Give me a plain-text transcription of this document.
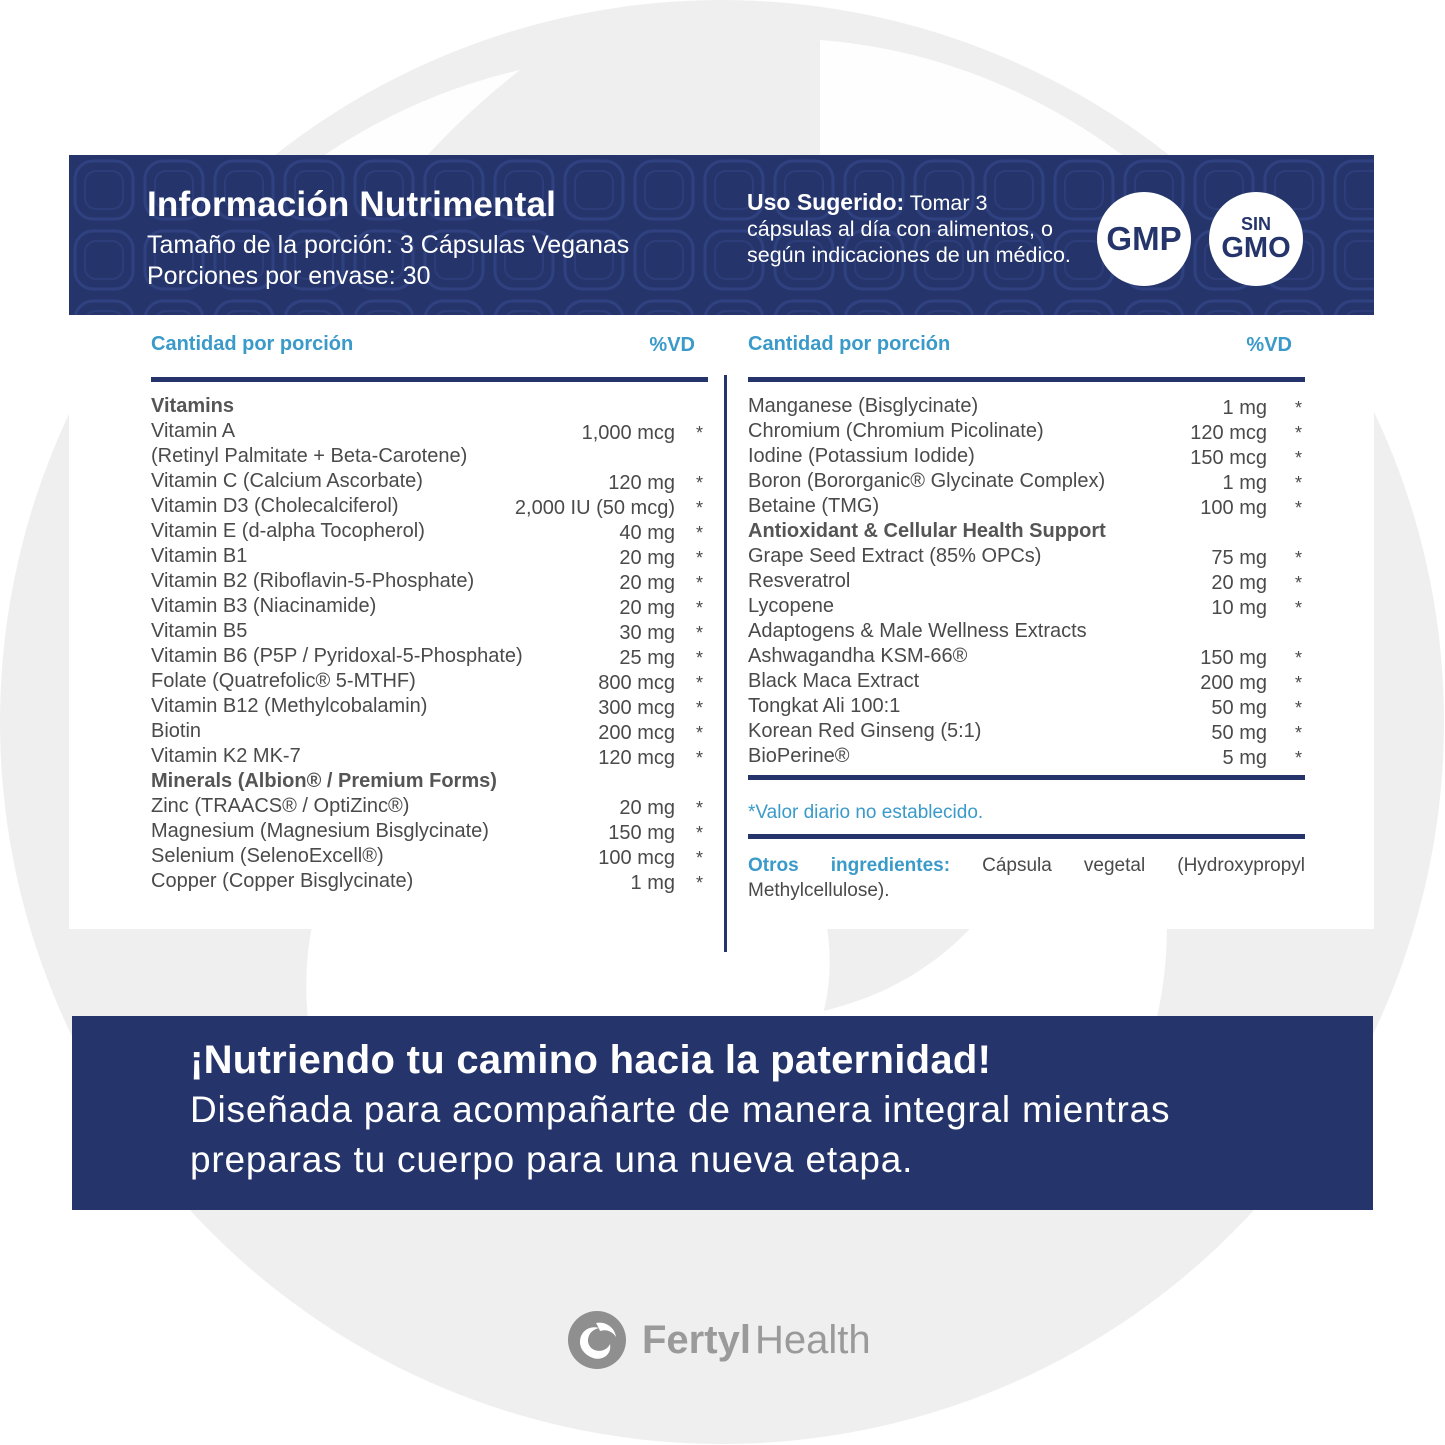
Información Nutrimental
Tamaño de la porción: 3 Cápsulas Veganas
Porciones por envase: 30
Uso Sugerido: Tomar 3 cápsulas al día con alimentos, o según indicaciones de un médico. GMP	SIN
GMO
Cantidad por porción	%VD
Vitamins
Vitamin A	1,000 mcg *
(Retinyl Palmitate + Beta-Carotene)
Vitamin C (Calcium Ascorbate)	120 mg *
Vitamin D3 (Cholecalciferol)	2,000 IU (50 mcg) *
Vitamin E (d-alpha Tocopherol)	40 mg *
Vitamin B1	20 mg *
Vitamin B2 (Riboflavin-5-Phosphate)	20 mg *
Vitamin B3 (Niacinamide)	20 mg *
Vitamin B5	30 mg *
Vitamin B6 (P5P / Pyridoxal-5-Phosphate)	25 mg *
Folate (Quatrefolic® 5-MTHF)	800 mcg *
Vitamin B12 (Methylcobalamin)	300 mcg *
Biotin	200 mcg *
Vitamin K2 MK-7	120 mcg *
Minerals (Albion® / Premium Forms)
Zinc (TRAACS® / OptiZinc®)	20 mg *
Magnesium (Magnesium Bisglycinate)	150 mg *
Selenium (SelenoExcell®)	100 mcg *
Copper (Copper Bisglycinate)	1 mg *
Cantidad por porción	%VD
Manganese (Bisglycinate)	1 mg *
Chromium (Chromium Picolinate)	120 mcg *
Iodine (Potassium Iodide)	150 mcg *
Boron (Bororganic® Glycinate Complex)	1 mg *
Betaine (TMG)	100 mg *
Antioxidant & Cellular Health Support
Grape Seed Extract (85% OPCs)	75 mg *
Resveratrol	20 mg *
Lycopene	10 mg *
Adaptogens & Male Wellness Extracts
Ashwagandha KSM-66®	150 mg *
Black Maca Extract	200 mg *
Tongkat Ali 100:1	50 mg *
Korean Red Ginseng (5:1)	50 mg *
BioPerine®	5 mg *
*Valor diario no establecido.
Otros ingredientes: Cápsula vegetal (Hydroxypropyl Methylcellulose).
¡Nutriendo tu camino hacia la paternidad!
Diseñada para acompañarte de manera integral mientras
preparas tu cuerpo para una nueva etapa.
Fertyl Health
